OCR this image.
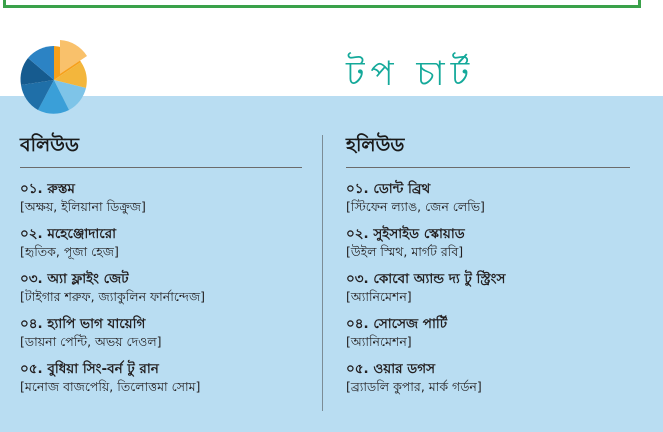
টপ চার্ট
বলিউড
০১. রুস্তম
[অক্ষয়, ইলিয়ানা ডিক্রুজ]
০২. মহেঞ্জোদারো
[হৃতিক, পূজা হেজ]
০৩. অ্যা ফ্লাইং জেট
[টাইগার শরুফ, জ্যাকুলিন ফার্নান্দেজ]
০৪. হ্যাপি ভাগ যায়েগি
[ডায়না পেন্টি, অভয় দেওল]
০৫. বুধিয়া সিং-বর্ন টু রান
[মনোজ বাজপেয়ি, তিলোত্তমা সোম]
হলিউড
০১. ডোন্ট ব্রিথ
[স্টিফেন ল্যাঙ, জেন লেভি]
০২. সুইসাইড স্কোয়াড
[উইল স্মিথ, মার্গট রবি]
০৩. কোবো অ্যান্ড দ্য টু স্ট্রিংস
[অ্যানিমেশন]
০৪. সোসেজ পার্টি
[অ্যানিমেশন]
০৫. ওয়ার ডগস
[ব্র্যাডলি কুপার, মার্ক গর্ডন]
